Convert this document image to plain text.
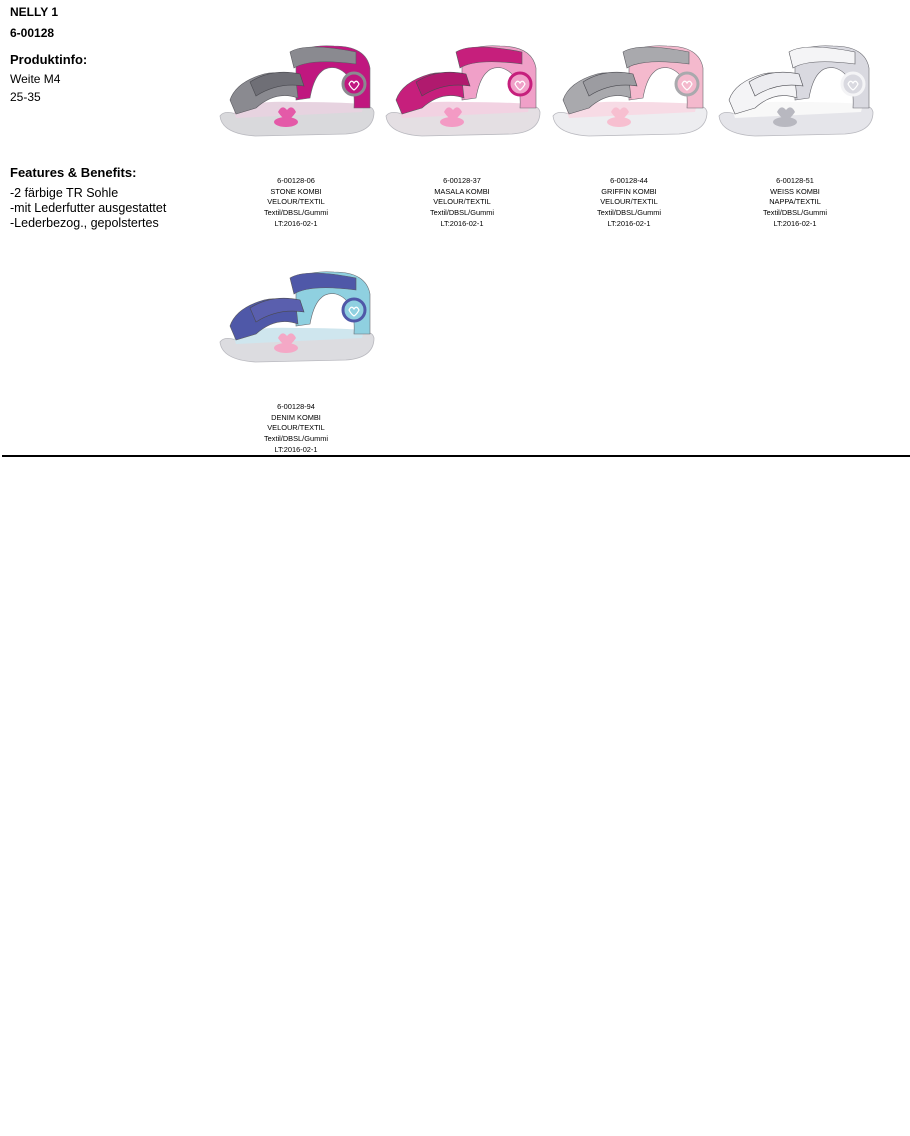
NELLY 1
6-00128
Produktinfo:
Weite M4
25-35
Features & Benefits:
-2 färbige TR Sohle
-mit Lederfutter ausgestattet
-Lederbezog., gepolstertes
6-00128-06
STONE KOMBI
VELOUR/TEXTIL
Textil/DBSL/Gummi
LT:2016-02-1
6-00128-37
MASALA KOMBI
VELOUR/TEXTIL
Textil/DBSL/Gummi
LT:2016-02-1
6-00128-44
GRIFFIN KOMBI
VELOUR/TEXTIL
Textil/DBSL/Gummi
LT:2016-02-1
6-00128-51
WEISS KOMBI
NAPPA/TEXTIL
Textil/DBSL/Gummi
LT:2016-02-1
6-00128-94
DENIM KOMBI
VELOUR/TEXTIL
Textil/DBSL/Gummi
LT:2016-02-1
